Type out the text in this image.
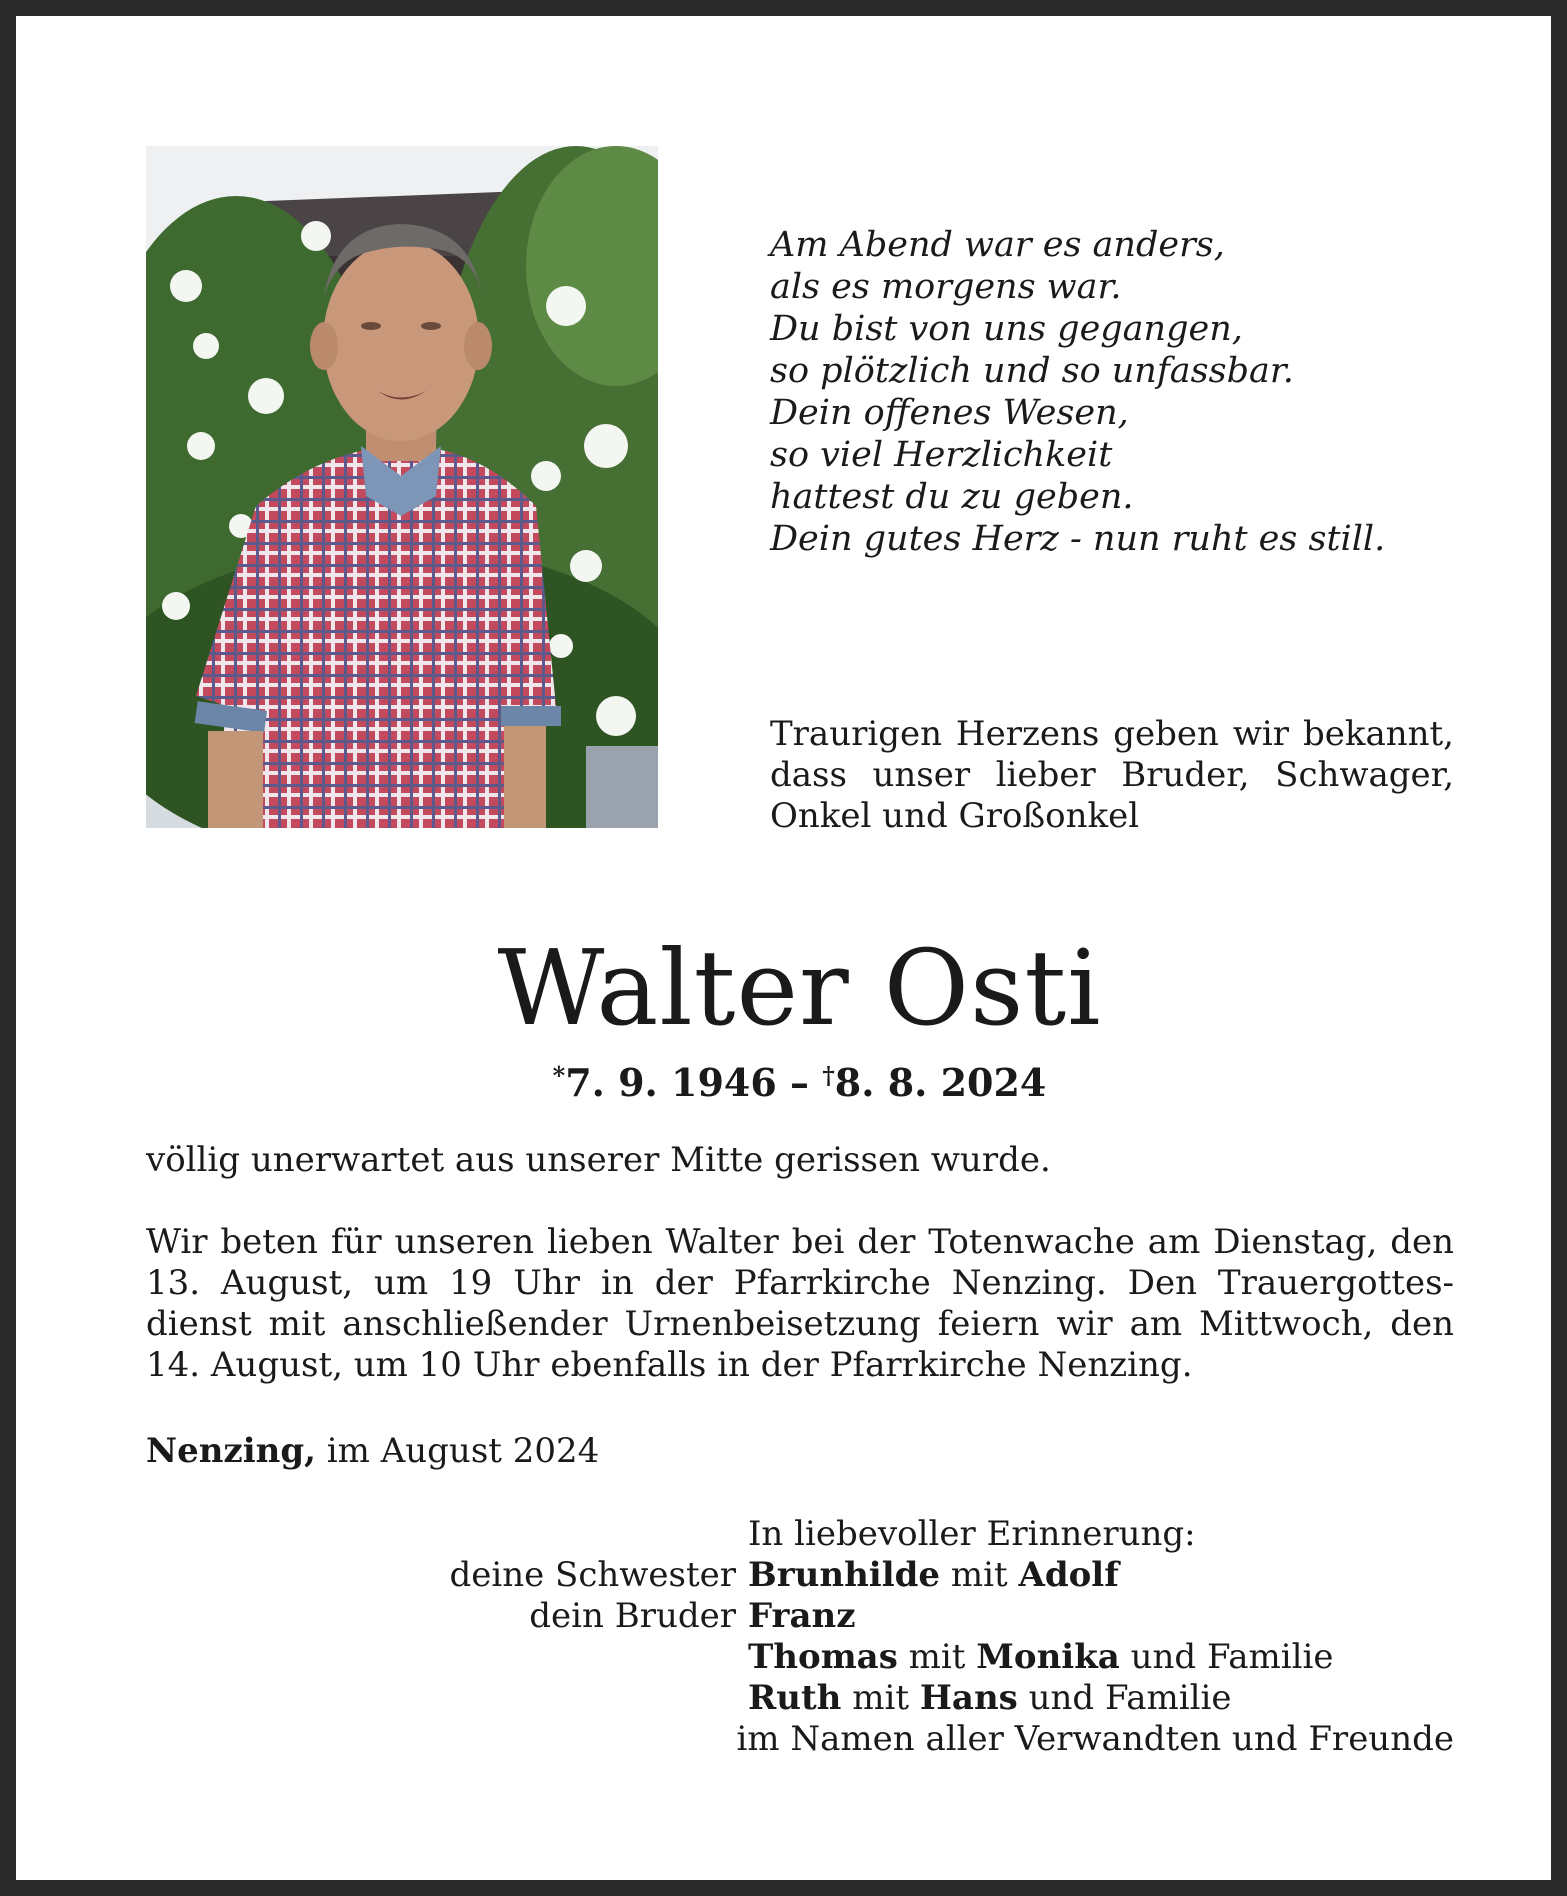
Am Abend war es anders,
als es morgens war.
Du bist von uns gegangen,
so plötzlich und so unfassbar.
Dein offenes Wesen,
so viel Herzlichkeit
hattest du zu geben.
Dein gutes Herz - nun ruht es still.
Traurigen Herzens geben wir bekannt,
dass unser lieber Bruder, Schwager,
Onkel und Großonkel
Walter Osti
*7. 9. 1946 – †8. 8. 2024
völlig unerwartet aus unserer Mitte gerissen wurde.
Wir beten für unseren lieben Walter bei der Totenwache am Dienstag, den 13. August, um 19 Uhr in der Pfarrkirche Nenzing. Den Trauergottes-dienst mit anschließender Urnenbeisetzung feiern wir am Mittwoch, den 14. August, um 10 Uhr ebenfalls in der Pfarrkirche Nenzing.
Nenzing, im August 2024
In liebevoller Erinnerung:
deine Schwester Brunhilde mit Adolf
dein Bruder Franz
Thomas mit Monika und Familie
Ruth mit Hans und Familie
im Namen aller Verwandten und Freunde
